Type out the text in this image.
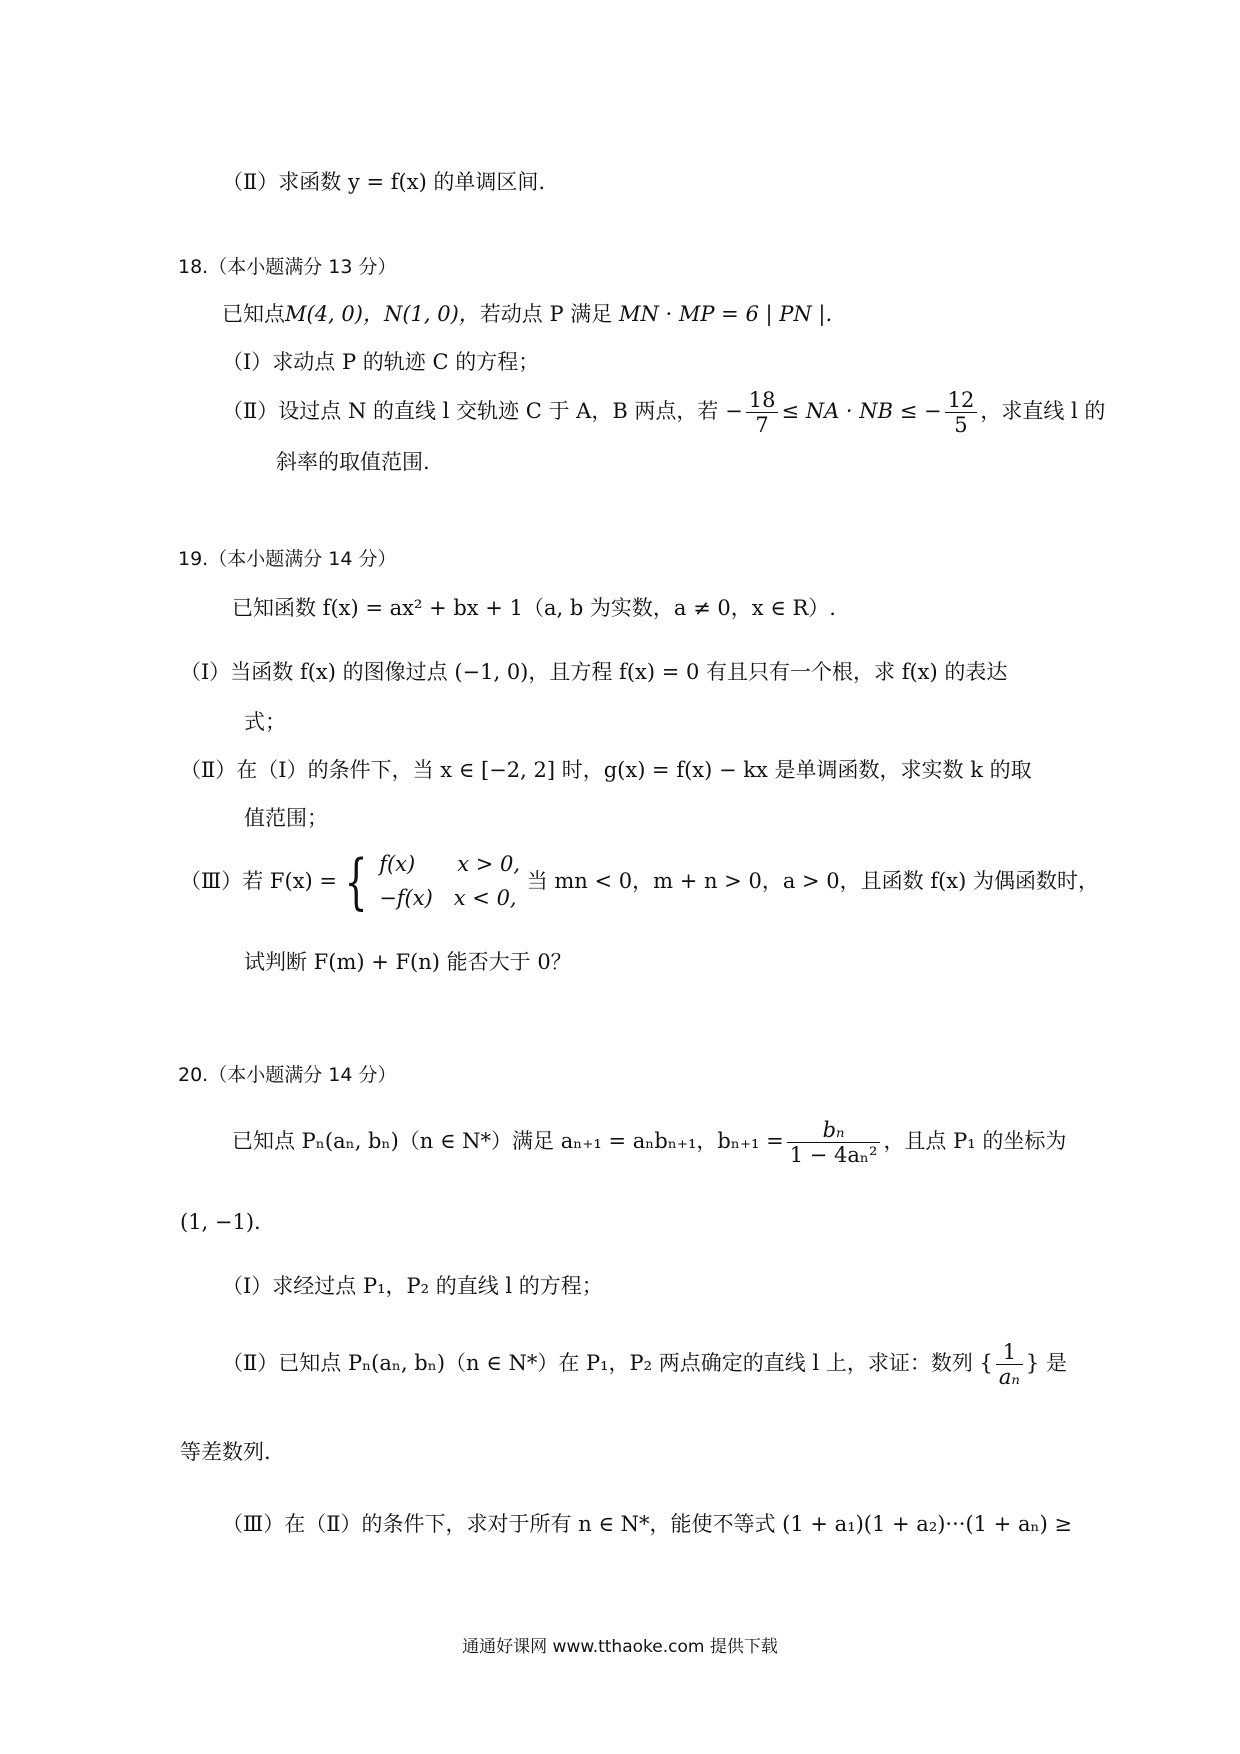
（Ⅱ）求函数 y = f(x) 的单调区间.
18.（本小题满分 13 分）
已知点M(4, 0)，N(1, 0)，若动点 P 满足 MN · MP = 6 | PN |.
（Ⅰ）求动点 P 的轨迹 C 的方程；
（Ⅱ）设过点 N 的直线 l 交轨迹 C 于 A，B 两点，若 − $\frac{18}{7}$ ≤ NA · NB ≤ − $\frac{12}{5}$ ，求直线 l 的
斜率的取值范围.
19.（本小题满分 14 分）
已知函数 f(x) = ax² + bx + 1（a, b 为实数，a ≠ 0，x ∈ R）.
（Ⅰ）当函数 f(x) 的图像过点 (−1, 0)，且方程 f(x) = 0 有且只有一个根，求 f(x) 的表达
式；
（Ⅱ）在（Ⅰ）的条件下，当 x ∈ [−2, 2] 时，g(x) = f(x) − kx 是单调函数，求实数 k 的取
值范围；
（Ⅲ）若 F(x) = { f(x)　　x > 0,
−f(x)　x < 0,
当 mn < 0，m + n > 0，a > 0，且函数 f(x) 为偶函数时，
试判断 F(m) + F(n) 能否大于 0？
20.（本小题满分 14 分）
已知点 Pₙ(aₙ, bₙ)（n ∈ N*）满足 aₙ₊₁ = aₙbₙ₊₁，$b_{n+1} = \frac{\text{bₙ}}{\text{1 − 4aₙ²}}$ ，且点 P₁ 的坐标为
(1, −1).
（Ⅰ）求经过点 P₁，P₂ 的直线 l 的方程；
（Ⅱ）已知点 Pₙ(aₙ, bₙ)（n ∈ N*）在 P₁，P₂ 两点确定的直线 l 上，求证：数列 { $\frac{1}{\text{aₙ}}$ } 是
等差数列.
（Ⅲ）在（Ⅱ）的条件下，求对于所有 n ∈ N*，能使不等式 (1 + a₁)(1 + a₂)···(1 + aₙ) ≥
通通好课网 www.tthaoke.com 提供下载
